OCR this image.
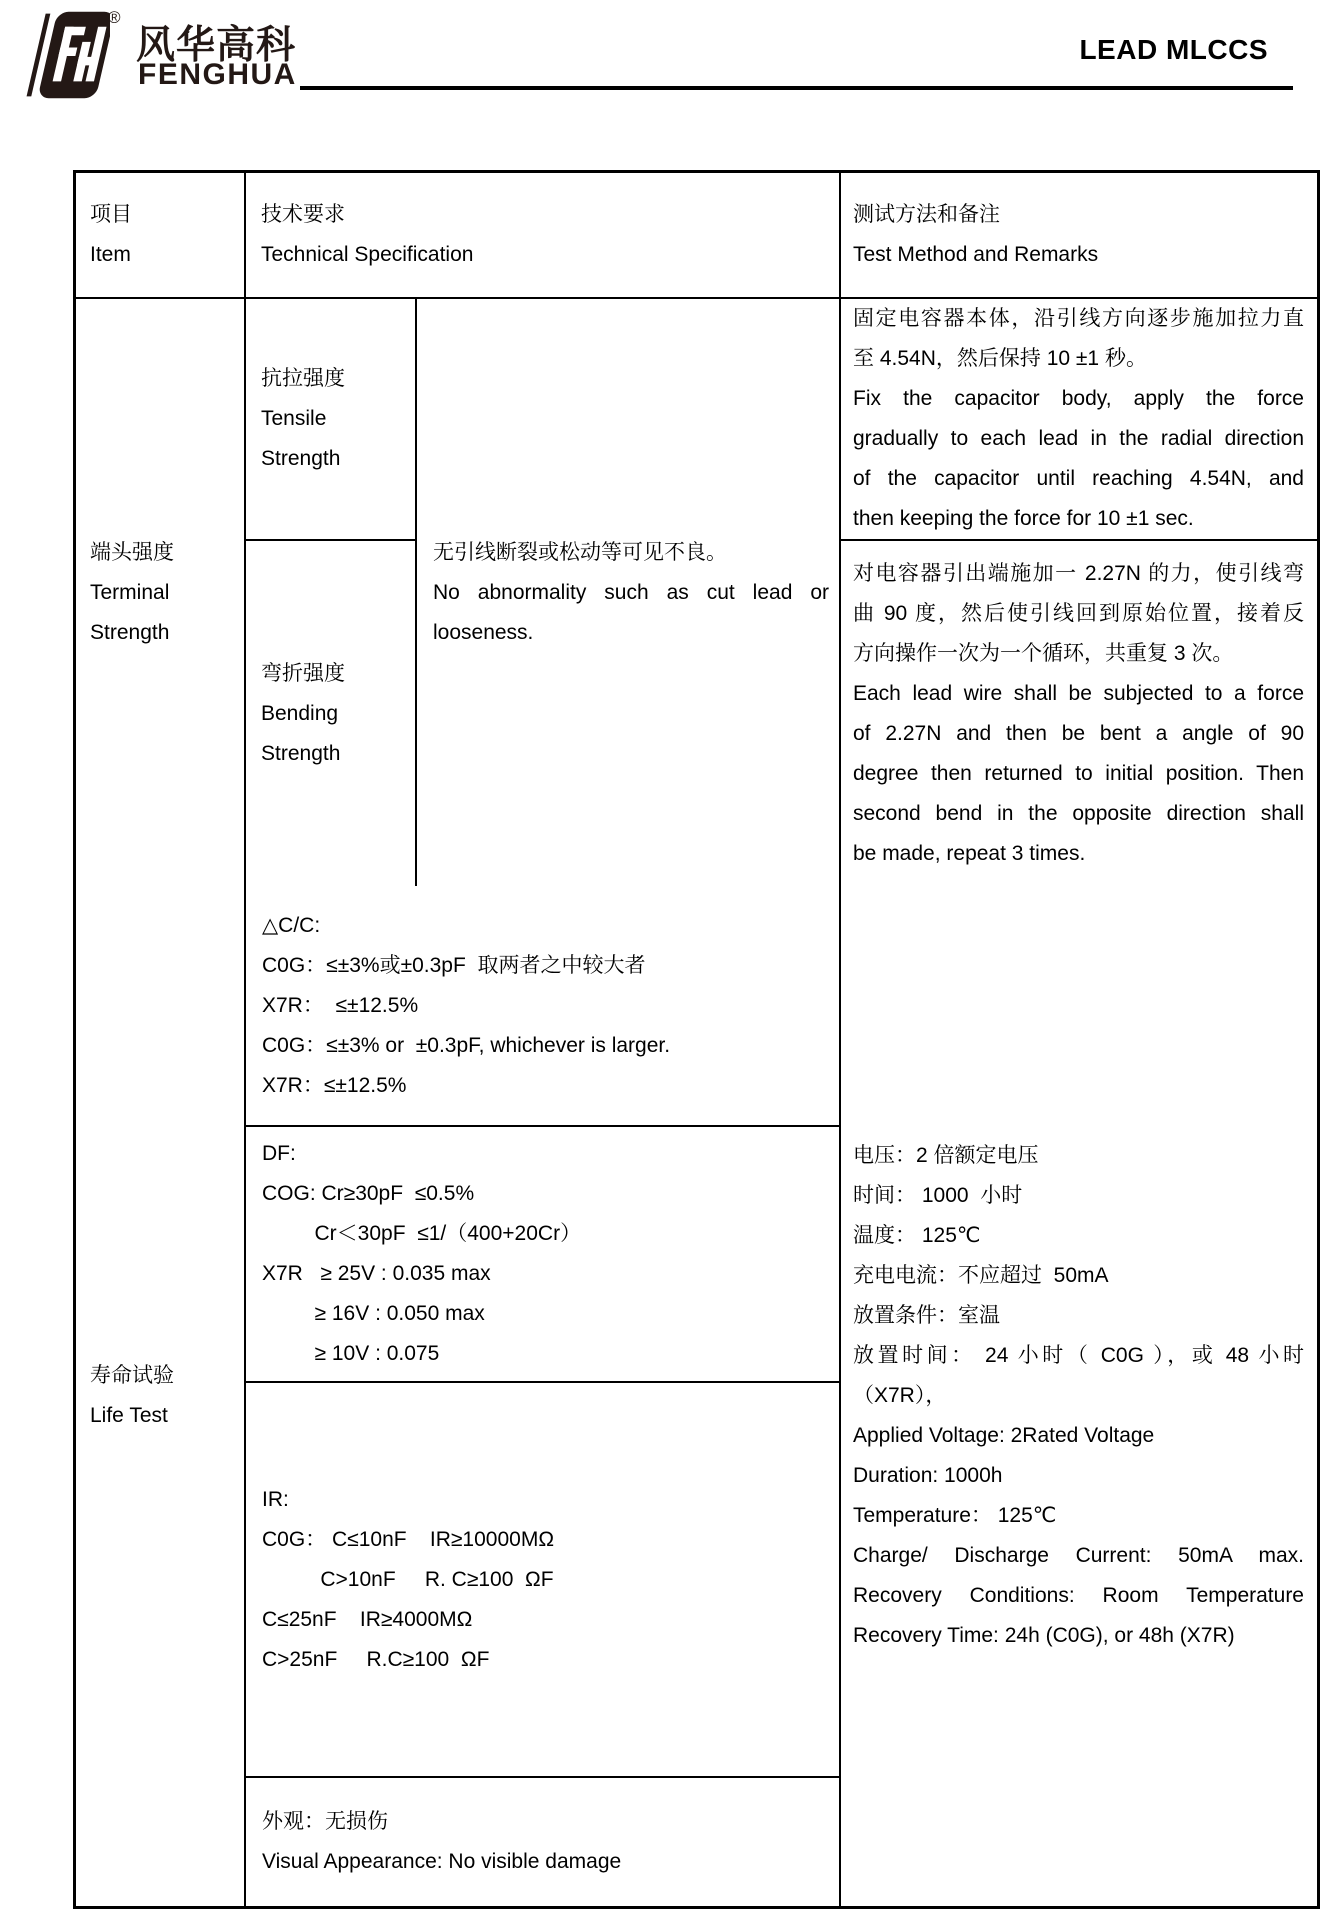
®
风华高科
FENGHUA
LEAD MLCCS
项目
Item
技术要求
Technical Specification
测试方法和备注
Test Method and Remarks
端头强度
Terminal
Strength
抗拉强度
Tensile
Strength
弯折强度
Bending
Strength
无引线断裂或松动等可见不良。
No abnormality such as cut lead or
looseness.
固定电容器本体，沿引线方向逐步施加拉力直
至 4.54N，然后保持 10 ±1 秒。
Fix the capacitor body, apply the force
gradually to each lead in the radial direction
of the capacitor until reaching 4.54N, and
then keeping the force for 10 ±1 sec.
对电容器引出端施加一 2.27N 的力，使引线弯
曲 90 度，然后使引线回到原始位置，接着反
方向操作一次为一个循环，共重复 3 次。
Each lead wire shall be subjected to a force
of 2.27N and then be bent a angle of 90
degree then returned to initial position. Then
second bend in the opposite direction shall
be made, repeat 3 times.
寿命试验
Life Test
△C/C:
C0G：≤±3%或±0.3pF  取两者之中较大者
X7R：  ≤±12.5%
C0G：≤±3% or  ±0.3pF, whichever is larger.
X7R：≤±12.5%
DF:
COG: Cr≥30pF  ≤0.5%
Cr＜30pF  ≤1/（400+20Cr）
X7R   ≥ 25V : 0.035 max
≥ 16V : 0.050 max
≥ 10V : 0.075
IR:
C0G： C≤10nF    IR≥10000MΩ
C>10nF     R. C≥100  ΩF
C≤25nF    IR≥4000MΩ
C>25nF     R.C≥100  ΩF
外观：无损伤
Visual Appearance: No visible damage
电压：2 倍额定电压
时间： 1000  小时
温度： 125℃
充电电流：不应超过  50mA
放置条件：室温
放置时间： 24 小时（ C0G ），或 48 小时
（X7R），
Applied Voltage: 2Rated Voltage
Duration: 1000h
Temperature： 125℃
Charge/ Discharge Current: 50mA max.
Recovery Conditions: Room Temperature
Recovery Time: 24h (C0G), or 48h (X7R)
